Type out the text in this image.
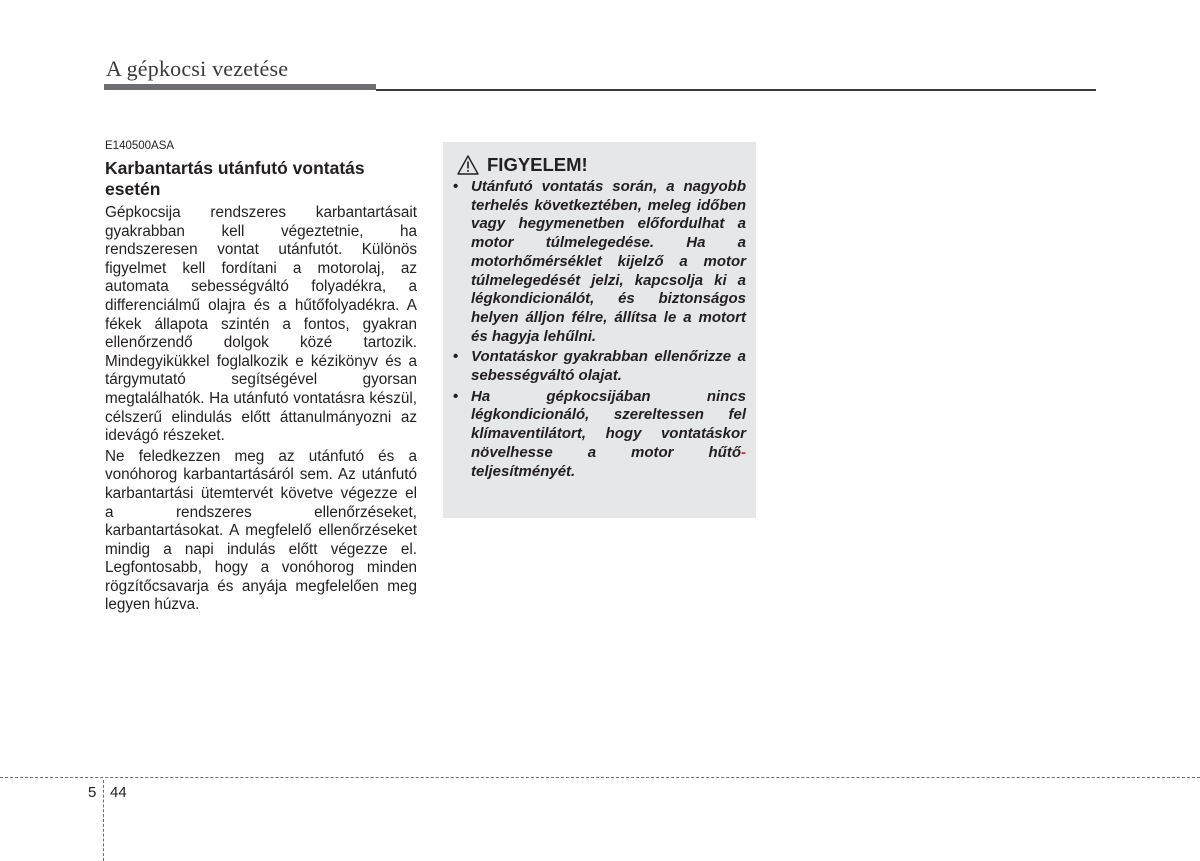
A gépkocsi vezetése
E140500ASA
Karbantartás utánfutó vontatás esetén

Gépkocsija rendszeres karbantartásait gyakrabban kell végeztetnie, ha rendszeresen vontat utánfutót. Különös figyelmet kell fordítani a motorolaj, az automata sebességváltó folyadékra, a differenciálmű olajra és a hűtőfolyadékra. A fékek állapota szintén a fontos, gyakran ellenőrzendő dolgok közé tartozik. Mindegyikükkel foglalkozik e kézikönyv és a tárgymutató segítségével gyorsan megtalálhatók. Ha utánfutó vontatásra készül, célszerű elindulás előtt áttanulmányozni az idevágó részeket.

Ne feledkezzen meg az utánfutó és a vonóhorog karbantartásáról sem. Az utánfutó karbantartási ütemtervét követve végezze el a rendszeres ellenőrzéseket, karbantartásokat. A megfelelő ellenőrzéseket mindig a napi indulás előtt végezze el. Legfontosabb, hogy a vonóhorog minden rögzítőcsavarja és anyája megfelelően meg legyen húzva.

FIGYELEM!
• Utánfutó vontatás során, a nagyobb terhelés következtében, meleg időben vagy hegymenetben előfordulhat a motor túlmelegedése. Ha a motorhőmérséklet kijelző a motor túlmelegedését jelzi, kapcsolja ki a légkondicionálót, és biztonságos helyen álljon félre, állítsa le a motort és hagyja lehűlni.
• Vontatáskor gyakrabban ellenőrizze a sebességváltó olajat.
• Ha gépkocsijában nincs légkondicionáló, szereltessen fel klímaventilátort, hogy vontatáskor növelhesse a motor hűtő- teljesítményét.
5 44
